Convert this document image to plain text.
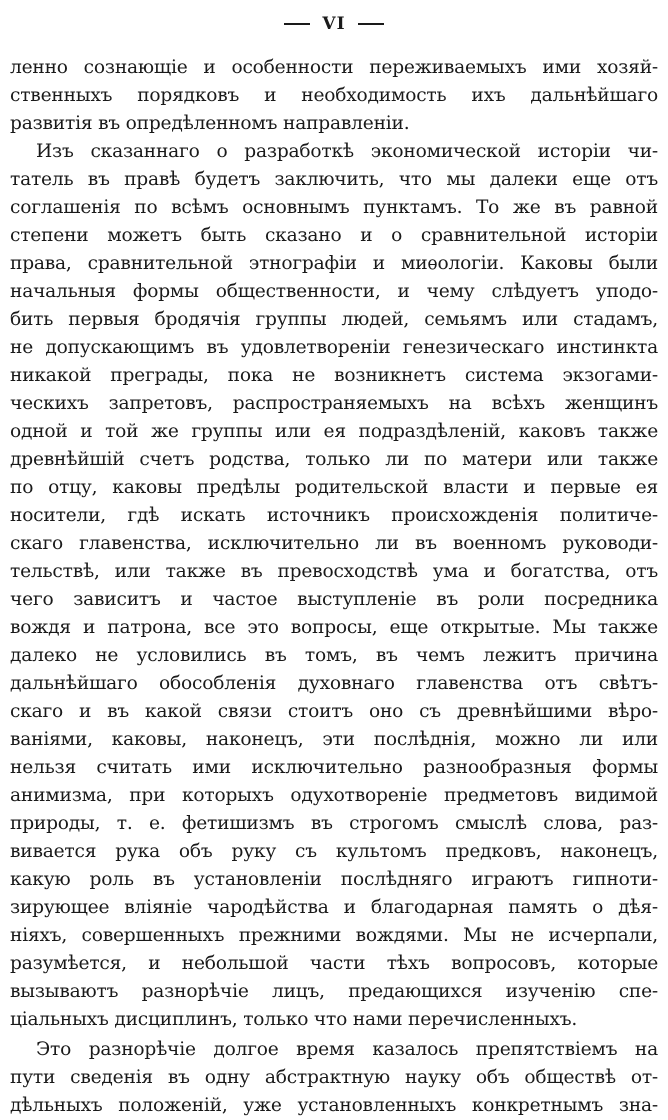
VI
ленно сознающіе и особенности переживаемыхъ ими хозяй-
ственныхъ порядковъ и необходимость ихъ дальнѣйшаго
развитія въ опредѣленномъ направленіи.
Изъ сказаннаго о разработкѣ экономической исторіи чи-
татель въ правѣ будетъ заключить, что мы далеки еще отъ
соглашенія по всѣмъ основнымъ пунктамъ. То же въ равной
степени можетъ быть сказано и о сравнительной исторіи
права, сравнительной этнографіи и миѳологіи. Каковы были
начальныя формы общественности, и чему слѣдуетъ уподо-
бить первыя бродячія группы людей, семьямъ или стадамъ,
не допускающимъ въ удовлетвореніи генезическаго инстинкта
никакой преграды, пока не возникнетъ система экзогами-
ческихъ запретовъ, распространяемыхъ на всѣхъ женщинъ
одной и той же группы или ея подраздѣленій, каковъ также
древнѣйшій счетъ родства, только ли по матери или также
по отцу, каковы предѣлы родительской власти и первые ея
носители, гдѣ искать источникъ происхожденія политиче-
скаго главенства, исключительно ли въ военномъ руководи-
тельствѣ, или также въ превосходствѣ ума и богатства, отъ
чего зависитъ и частое выступленіе въ роли посредника
вождя и патрона, все это вопросы, еще открытые. Мы также
далеко не условились въ томъ, въ чемъ лежитъ причина
дальнѣйшаго обособленія духовнаго главенства отъ свѣтъ-
скаго и въ какой связи стоитъ оно съ древнѣйшими вѣро-
ваніями, каковы, наконецъ, эти послѣднія, можно ли или
нельзя считать ими исключительно разнообразныя формы
анимизма, при которыхъ одухотвореніе предметовъ видимой
природы, т. е. фетишизмъ въ строгомъ смыслѣ слова, раз-
вивается рука объ руку съ культомъ предковъ, наконецъ,
какую роль въ установленіи послѣдняго играютъ гипноти-
зирующее вліяніе чародѣйства и благодарная память о дѣя-
ніяхъ, совершенныхъ прежними вождями. Мы не исчерпали,
разумѣется, и небольшой части тѣхъ вопросовъ, которые
вызываютъ разнорѣчіе лицъ, предающихся изученію спе-
ціальныхъ дисциплинъ, только что нами перечисленныхъ.
Это разнорѣчіе долгое время казалось препятствіемъ на
пути сведенія въ одну абстрактную науку объ обществѣ от-
дѣльныхъ положеній, уже установленныхъ конкретнымъ зна-
